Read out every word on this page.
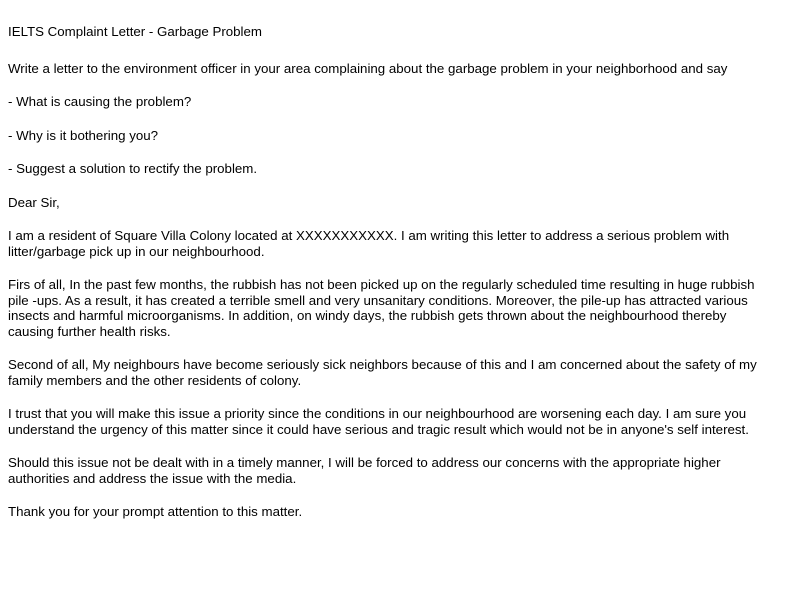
IELTS Complaint Letter - Garbage Problem

Write a letter to the environment officer in your area complaining about the garbage problem in your neighborhood and say

- What is causing the problem?

- Why is it bothering you?

- Suggest a solution to rectify the problem.

Dear Sir,

I am a resident of Square Villa Colony located at XXXXXXXXXXX. I am writing this letter to address a serious problem with litter/garbage pick up in our neighbourhood.

Firs of all, In the past few months, the rubbish has not been picked up on the regularly scheduled time resulting in huge rubbish pile -ups. As a result, it has created a terrible smell and very unsanitary conditions. Moreover, the pile-up has attracted various insects and harmful microorganisms. In addition, on windy days, the rubbish gets thrown about the neighbourhood thereby causing further health risks.

Second of all, My neighbours have become seriously sick neighbors because of this and I am concerned about the safety of my family members and the other residents of colony.

I trust that you will make this issue a priority since the conditions in our neighbourhood are worsening each day. I am sure you understand the urgency of this matter since it could have serious and tragic result which would not be in anyone's self interest.

Should this issue not be dealt with in a timely manner, I will be forced to address our concerns with the appropriate higher authorities and address the issue with the media.

Thank you for your prompt attention to this matter.
